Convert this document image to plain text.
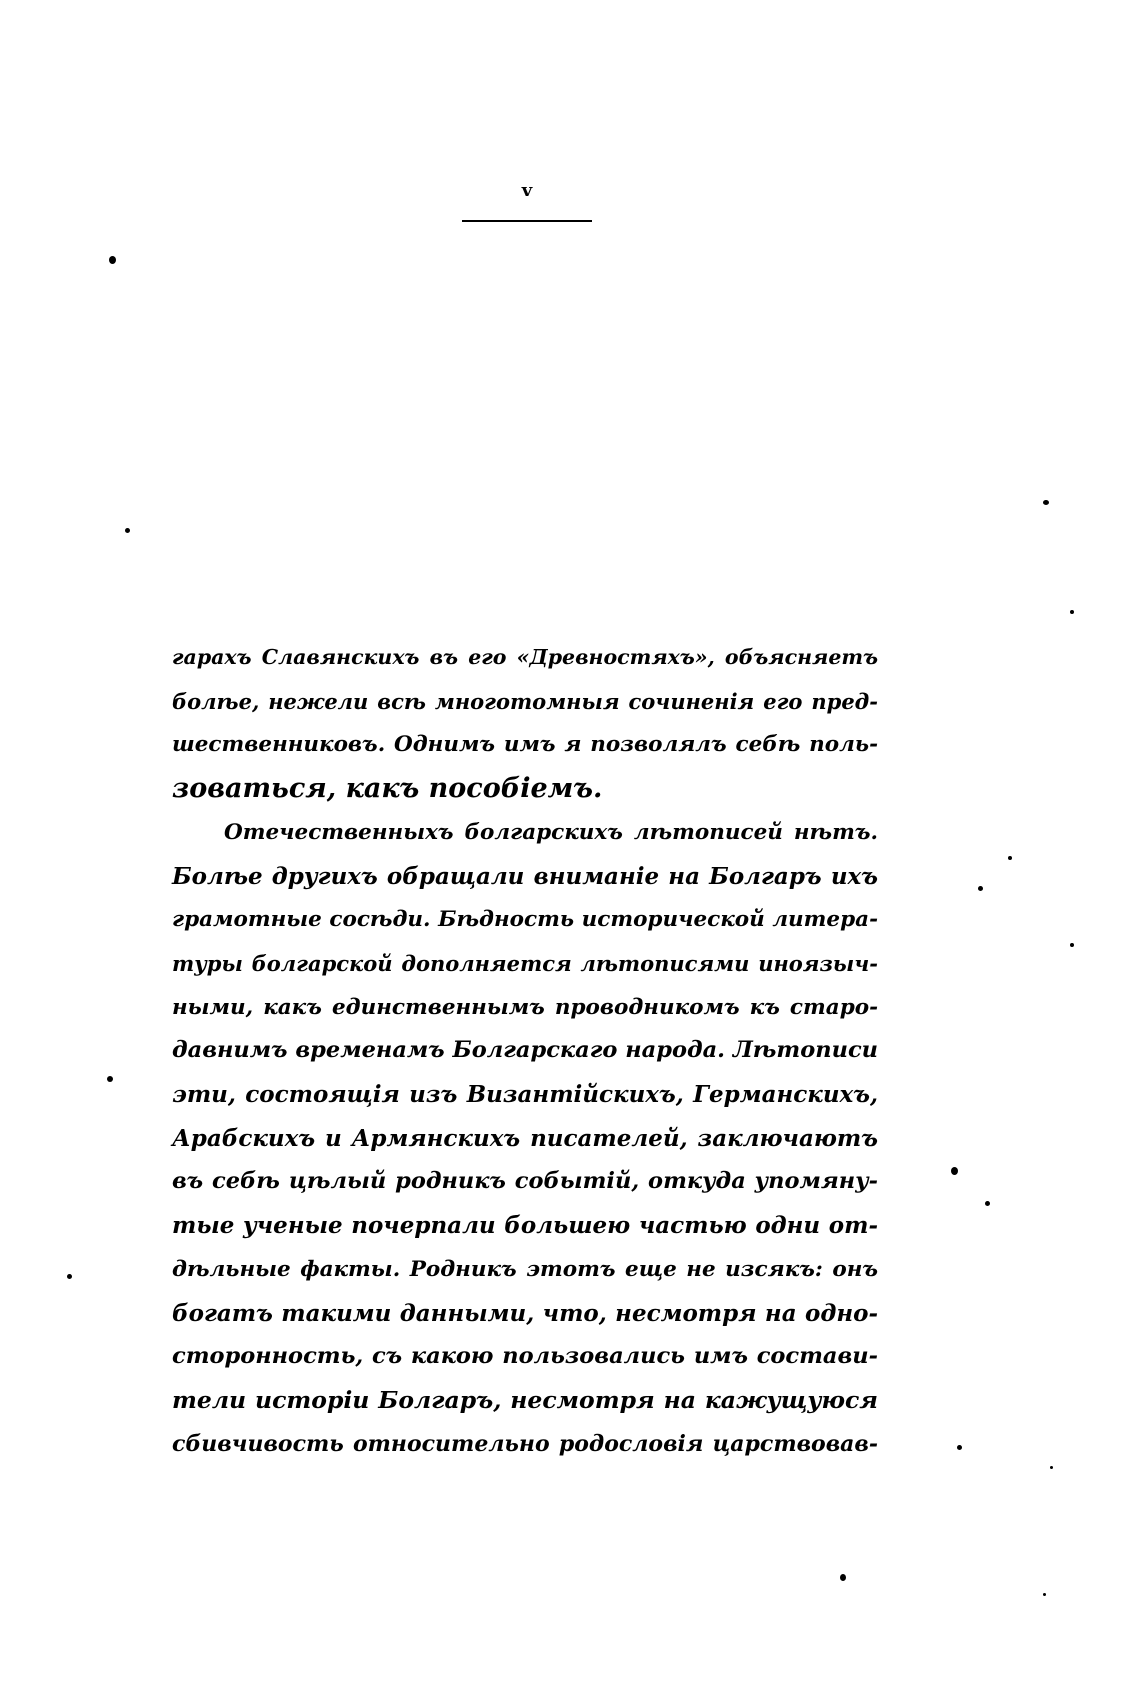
v
гарахъ Славянскихъ въ его «Древностяхъ», объясняетъ
болѣе, нежели всѣ многотомныя сочиненія его пред-
шественниковъ. Однимъ имъ я позволялъ себѣ поль-
зоваться, какъ пособіемъ.
Отечественныхъ болгарскихъ лѣтописей нѣтъ.
Болѣе другихъ обращали вниманіе на Болгаръ ихъ
грамотные сосѣди. Бѣдность исторической литера-
туры болгарской дополняется лѣтописями иноязыч-
ными, какъ единственнымъ проводникомъ къ старо-
давнимъ временамъ Болгарскаго народа. Лѣтописи
эти, состоящія изъ Византійскихъ, Германскихъ,
Арабскихъ и Армянскихъ писателей, заключаютъ
въ себѣ цѣлый родникъ событій, откуда упомяну-
тые ученые почерпали большею частью одни от-
дѣльные факты. Родникъ этотъ еще не изсякъ: онъ
богатъ такими данными, что, несмотря на одно-
сторонность, съ какою пользовались имъ состави-
тели исторіи Болгаръ, несмотря на кажущуюся
сбивчивость относительно родословія царствовав-
